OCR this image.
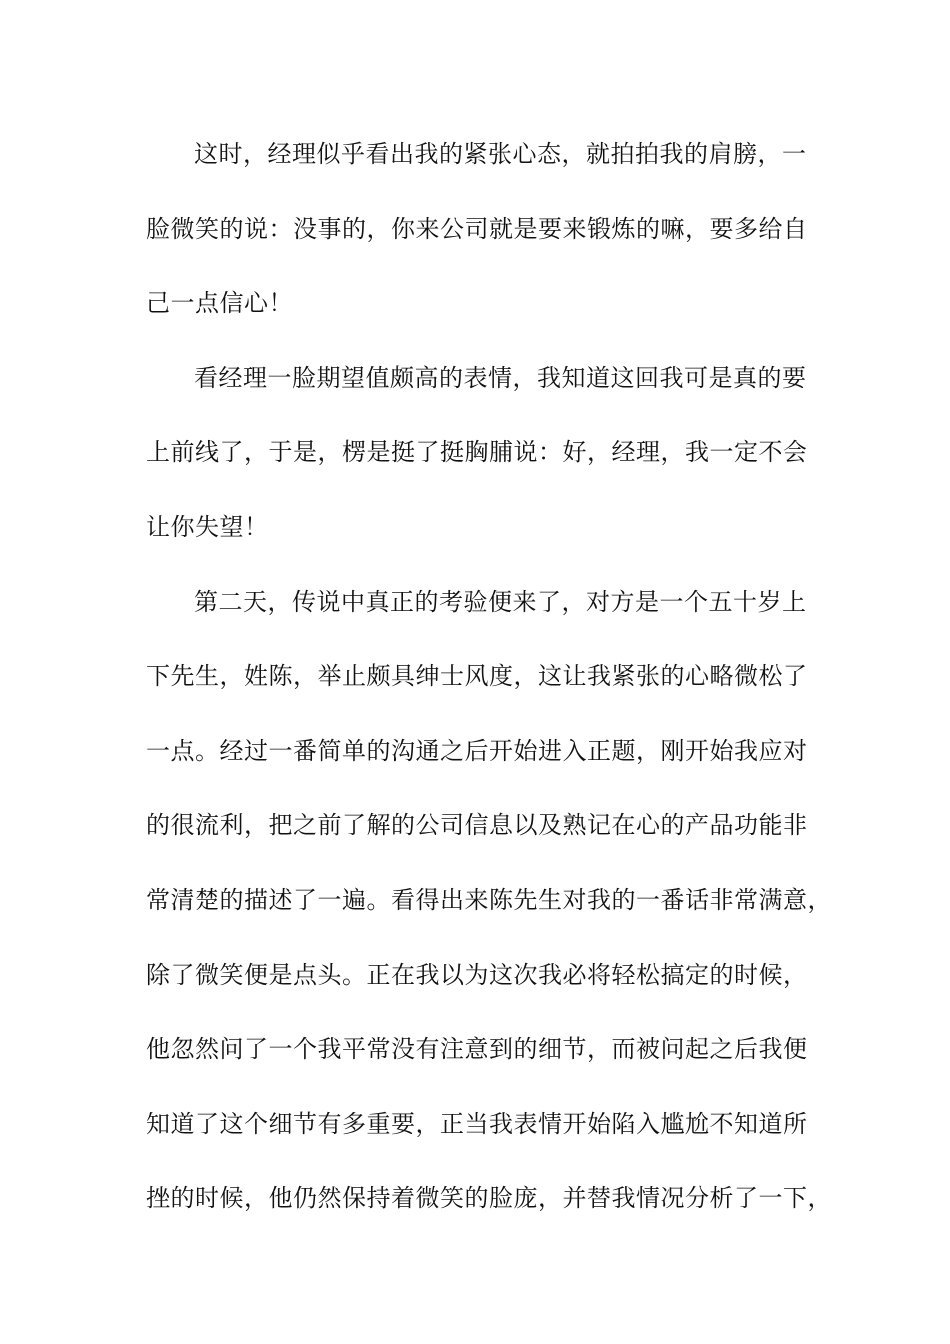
这时，经理似乎看出我的紧张心态，就拍拍我的肩膀，一
脸微笑的说：没事的，你来公司就是要来锻炼的嘛，要多给自
己一点信心！
看经理一脸期望值颇高的表情，我知道这回我可是真的要
上前线了，于是，楞是挺了挺胸脯说：好，经理，我一定不会
让你失望！
第二天，传说中真正的考验便来了，对方是一个五十岁上
下先生，姓陈，举止颇具绅士风度，这让我紧张的心略微松了
一点。经过一番简单的沟通之后开始进入正题，刚开始我应对
的很流利，把之前了解的公司信息以及熟记在心的产品功能非
常清楚的描述了一遍。看得出来陈先生对我的一番话非常满意，
除了微笑便是点头。正在我以为这次我必将轻松搞定的时候，
他忽然问了一个我平常没有注意到的细节，而被问起之后我便
知道了这个细节有多重要，正当我表情开始陷入尴尬不知道所
挫的时候，他仍然保持着微笑的脸庞，并替我情况分析了一下，
